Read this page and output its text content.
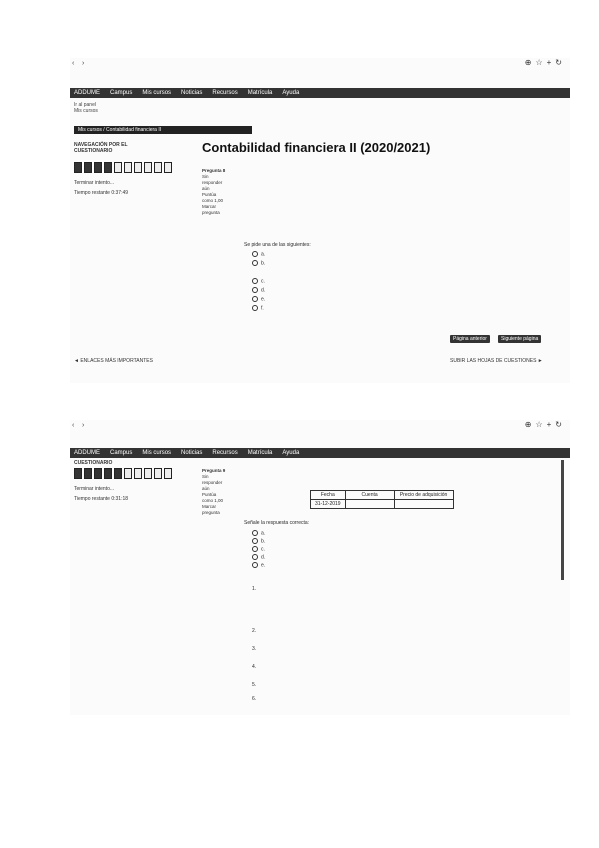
‹ ›	⊕☆+↻
ADDUME Campus Mis cursos Noticias Recursos Matrícula Ayuda
Ir al panel
Mis cursos
Mis cursos / Contabilidad financiera II
NAVEGACIÓN POR EL CUESTIONARIO
Terminar intento...
Tiempo restante 0:37:49
Contabilidad financiera II (2020/2021)
Pregunta 8
Sin responder aún
Puntúa como 1,00
Marcar pregunta
Se pide una de las siguientes:
a.
b.
c.
d.
e.
f.
Página anterior	Siguiente página
◄ ENLACES MÁS IMPORTANTES	SUBIR LAS HOJAS DE CUESTIONES ►
‹ ›	⊕☆+↻
ADDUME Campus Mis cursos Noticias Recursos Matrícula Ayuda
CUESTIONARIO
Terminar intento...
Tiempo restante 0:31:18
Pregunta 9
Sin responder aún
Puntúa como 1,00
Marcar pregunta
Fecha	Cuenta	Precio de adquisición
31-12-2019		
Señale la respuesta correcta:
a.
b.
c.
d.
e.
1.
2.
3.
4.
5.
6.
